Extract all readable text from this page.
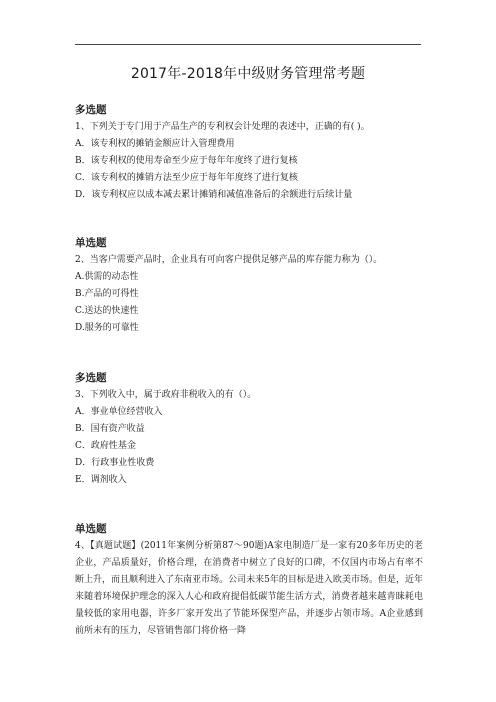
2017年-2018年中级财务管理常考题
多选题
1、下列关于专门用于产品生产的专利权会计处理的表述中，正确的有( )。
A．该专利权的摊销金额应计入管理费用
B．该专利权的使用寿命至少应于每年年度终了进行复核
C．该专利权的摊销方法至少应于每年年度终了进行复核
D．该专利权应以成本减去累计摊销和减值准备后的余额进行后续计量
单选题
2、当客户需要产品时，企业具有可向客户提供足够产品的库存能力称为（）。
A.供需的动态性
B.产品的可得性
C.送达的快速性
D.服务的可靠性
多选题
3、下列收入中，属于政府非税收入的有（）。
A．事业单位经营收入
B．国有资产收益
C．政府性基金
D．行政事业性收费
E．调剂收入
单选题
4、【真题试题】(2011年案例分析第87～90题)A家电制造厂是一家有20多年历史的老企业，产品质量好，价格合理，在消费者中树立了良好的口碑，不仅国内市场占有率不断上升，而且顺利进入了东南亚市场。公司未来5年的目标是进入欧美市场。但是，近年来随着环境保护理念的深入人心和政府提倡低碳节能生活方式，消费者越来越青睐耗电量较低的家用电器，许多厂家开发出了节能环保型产品，并逐步占领市场。A企业感到前所未有的压力，尽管销售部门将价格一降
